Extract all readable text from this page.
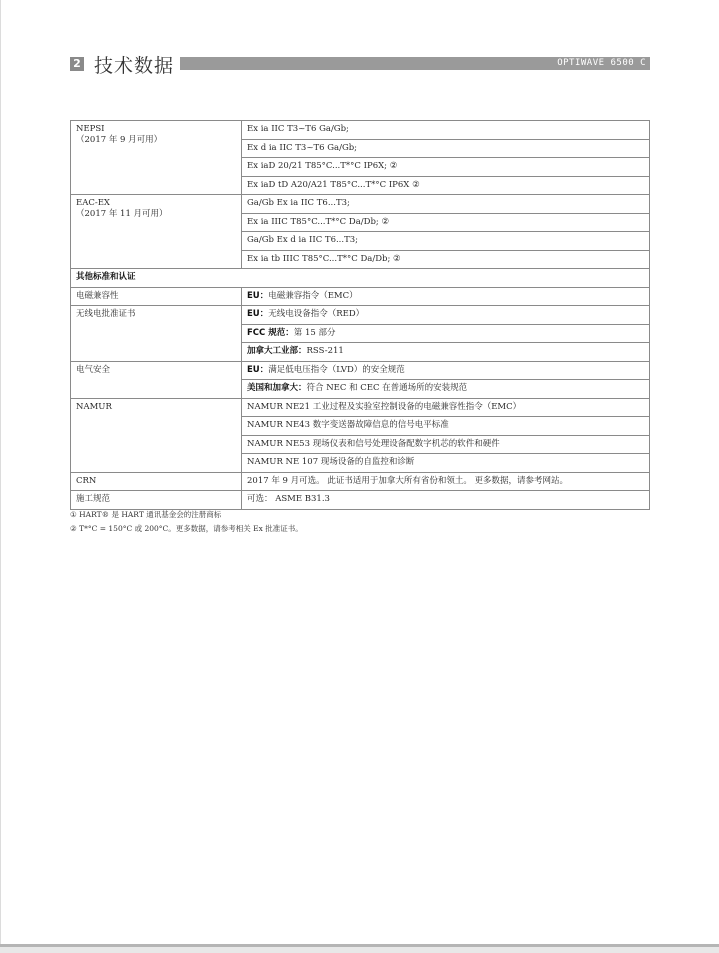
2 技术数据	OPTIWAVE 6500 C
NEPSI
（2017 年 9 月可用）	Ex ia IIC T3~T6 Ga/Gb;
	Ex d ia IIC T3~T6 Ga/Gb;
	Ex iaD 20/21 T85°C...T*°C IP6X; ②
	Ex iaD tD A20/A21 T85°C...T*°C IP6X ②

EAC-EX
（2017 年 11 月可用）	Ga/Gb Ex ia IIC T6...T3;
	Ex ia IIIC T85°C...T*°C Da/Db; ②
	Ga/Gb Ex d ia IIC T6...T3;
	Ex ia tb IIIC T85°C...T*°C Da/Db; ②
其他标准和认证	
电磁兼容性	EU：电磁兼容指令（EMC）
无线电批准证书	EU：无线电设备指令（RED）
	FCC 规范：第 15 部分
	加拿大工业部：RSS-211
电气安全	EU：满足低电压指令（LVD）的安全规范
	美国和加拿大：符合 NEC 和 CEC 在普通场所的安装规范
NAMUR	NAMUR NE21 工业过程及实验室控制设备的电磁兼容性指令（EMC）
	NAMUR NE43 数字变送器故障信息的信号电平标准
	NAMUR NE53 现场仪表和信号处理设备配数字机芯的软件和硬件
	NAMUR NE 107 现场设备的自监控和诊断
CRN	2017 年 9 月可选。 此证书适用于加拿大所有省份和领土。 更多数据，请参考网站。
施工规范	可选： ASME B31.3
① HART® 是 HART 通讯基金会的注册商标
② T*°C = 150°C 或 200°C。更多数据，请参考相关 Ex 批准证书。
